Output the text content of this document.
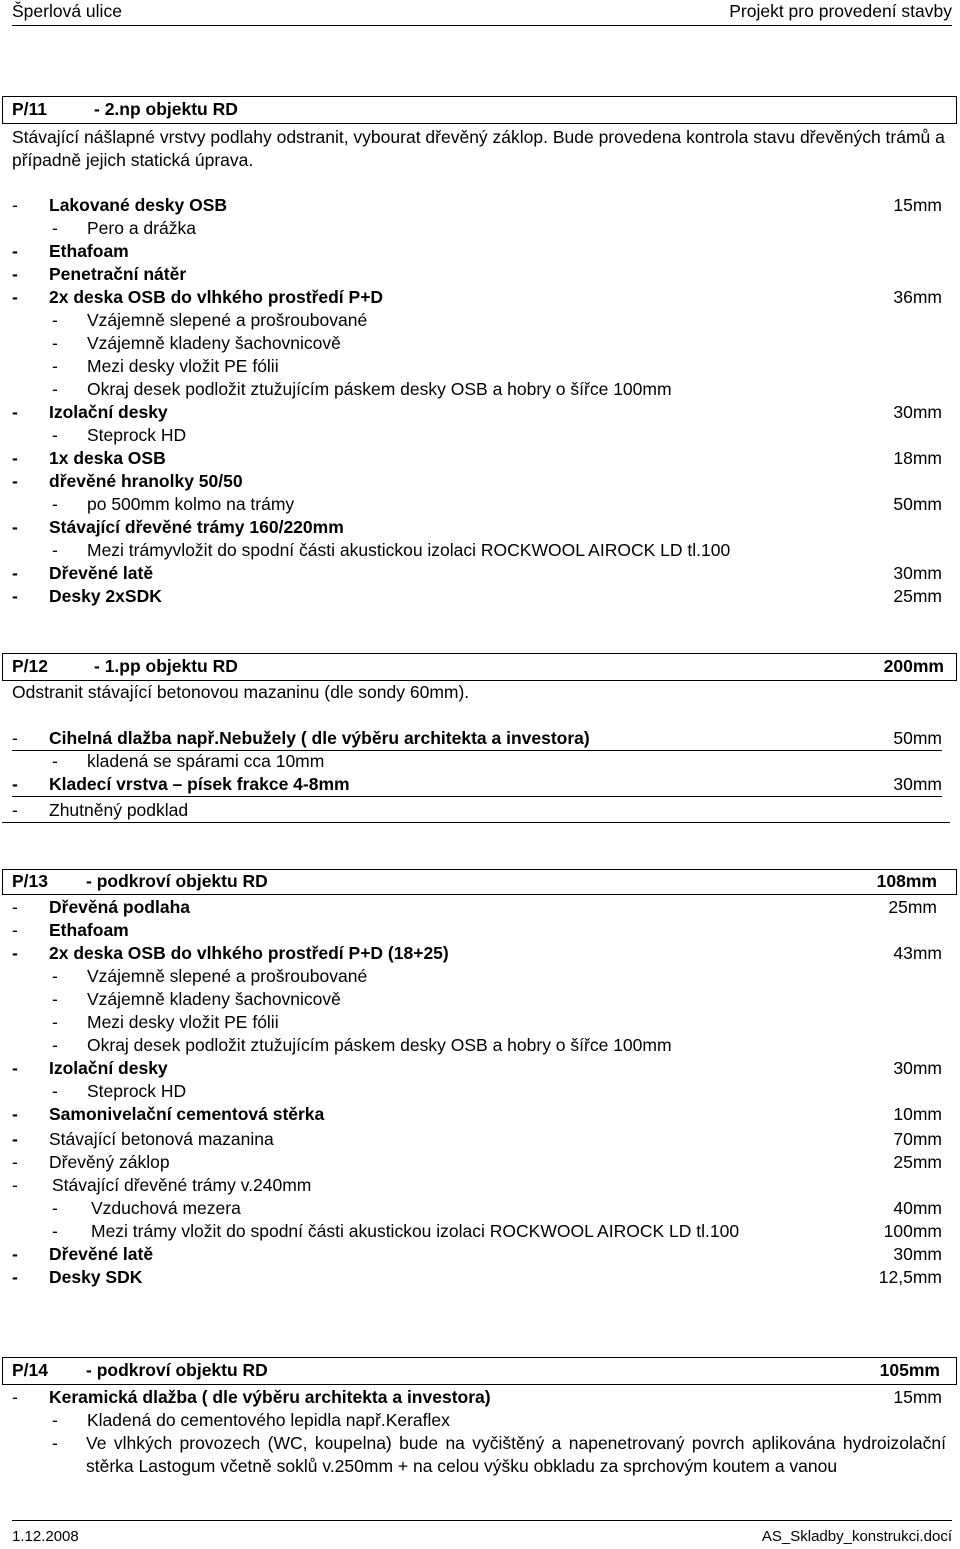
Šperlová ulice	Projekt pro provedení stavby
P/11	- 2.np objektu RD
Stávající nášlapné vrstvy podlahy odstranit, vybourat dřevěný záklop. Bude provedena kontrola stavu dřevěných trámů a případně jejich statická úprava.
- Lakované desky OSB	15mm
- Pero a drážka
- Ethafoam
- Penetrační nátěr
- 2x deska OSB do vlhkého prostředí P+D	36mm
- Vzájemně slepené a prošroubované
- Vzájemně kladeny šachovnicově
- Mezi desky vložit PE fólii
- Okraj desek podložit ztužujícím páskem desky OSB a hobry o šířce 100mm
- Izolační desky	30mm
- Steprock HD
- 1x deska OSB	18mm
- dřevěné hranolky 50/50
- po 500mm kolmo na trámy	50mm
- Stávající dřevěné trámy 160/220mm
- Mezi trámyvložit do spodní části akustickou izolaci ROCKWOOL AIROCK LD tl.100
- Dřevěné latě	30mm
- Desky 2xSDK	25mm
P/12	- 1.pp objektu RD	200mm
Odstranit stávající betonovou mazaninu (dle sondy 60mm).
- Cihelná dlažba např.Nebužely ( dle výběru architekta a investora)	50mm
- kladená se spárami cca 10mm
- Kladecí vrstva – písek frakce 4-8mm	30mm
- Zhutněný podklad
P/13 - podkroví objektu RD	108mm
- Dřevěná podlaha	25mm
- Ethafoam
- 2x deska OSB do vlhkého prostředí P+D (18+25)	43mm
- Vzájemně slepené a prošroubované
- Vzájemně kladeny šachovnicově
- Mezi desky vložit PE fólii
- Okraj desek podložit ztužujícím páskem desky OSB a hobry o šířce 100mm
- Izolační desky	30mm
- Steprock HD
- Samonivelační cementová stěrka	10mm
- Stávající betonová mazanina	70mm
- Dřevěný záklop	25mm
- Stávající dřevěné trámy v.240mm
- Vzduchová mezera	40mm
- Mezi trámy vložit do spodní části akustickou izolaci ROCKWOOL AIROCK LD tl.100	100mm
- Dřevěné latě	30mm
- Desky SDK	12,5mm
P/14 - podkroví objektu RD	105mm
- Keramická dlažba ( dle výběru architekta a investora)	15mm
- Kladená do cementového lepidla např.Keraflex
- Ve vlhkých provozech (WC, koupelna) bude na vyčištěný a napenetrovaný povrch aplikována hydroizolační stěrka Lastogum včetně soklů v.250mm + na celou výšku obkladu za sprchovým koutem a vanou
1.12.2008	AS_Skladby_konstrukci.docí
